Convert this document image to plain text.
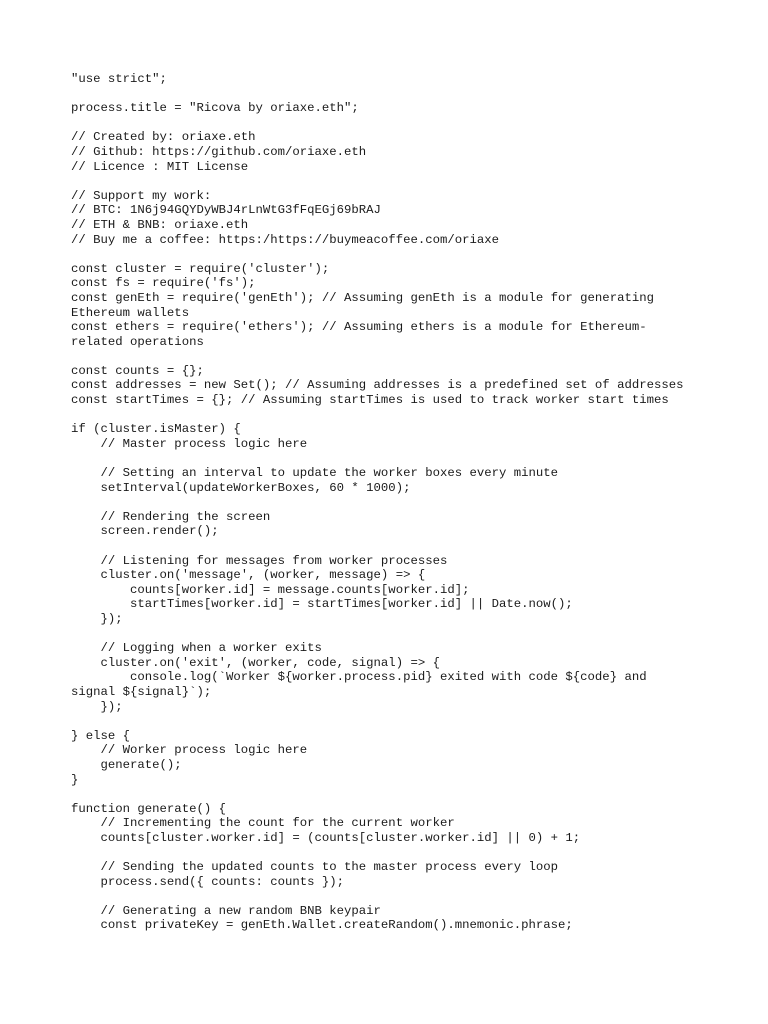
"use strict";
process.title = "Ricova by oriaxe.eth";
// Created by: oriaxe.eth
// Github: https://github.com/oriaxe.eth
// Licence : MIT License
// Support my work:
// BTC: 1N6j94GQYDyWBJ4rLnWtG3fFqEGj69bRAJ
// ETH & BNB: oriaxe.eth
// Buy me a coffee: https:/https://buymeacoffee.com/oriaxe
const cluster = require('cluster');
const fs = require('fs');
const genEth = require('genEth'); // Assuming genEth is a module for generating
Ethereum wallets
const ethers = require('ethers'); // Assuming ethers is a module for Ethereum-
related operations
const counts = {};
const addresses = new Set(); // Assuming addresses is a predefined set of addresses
const startTimes = {}; // Assuming startTimes is used to track worker start times
if (cluster.isMaster) {
// Master process logic here
// Setting an interval to update the worker boxes every minute
setInterval(updateWorkerBoxes, 60 * 1000);
// Rendering the screen
screen.render();
// Listening for messages from worker processes
cluster.on('message', (worker, message) => {
counts[worker.id] = message.counts[worker.id];
startTimes[worker.id] = startTimes[worker.id] || Date.now();
});
// Logging when a worker exits
cluster.on('exit', (worker, code, signal) => {
console.log(`Worker ${worker.process.pid} exited with code ${code} and
signal ${signal}`);
});
} else {
// Worker process logic here
generate();
}
function generate() {
// Incrementing the count for the current worker
counts[cluster.worker.id] = (counts[cluster.worker.id] || 0) + 1;
// Sending the updated counts to the master process every loop
process.send({ counts: counts });
// Generating a new random BNB keypair
const privateKey = genEth.Wallet.createRandom().mnemonic.phrase;
